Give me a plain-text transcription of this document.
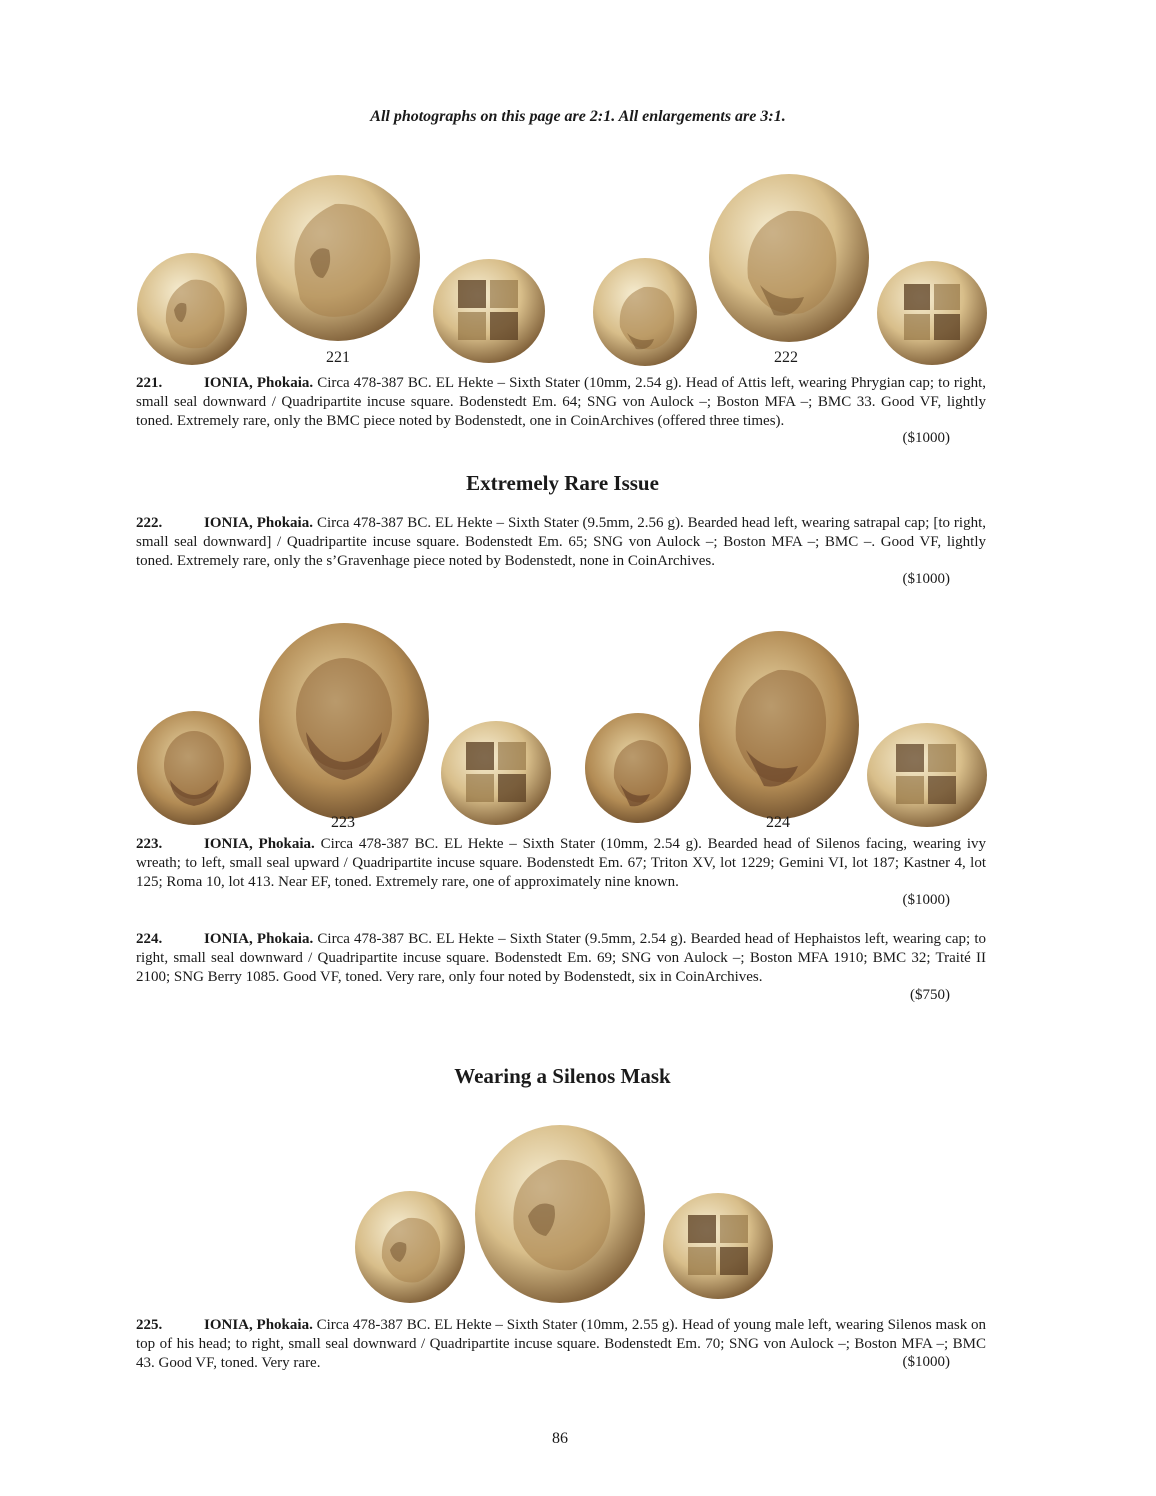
All photographs on this page are 2:1. All enlargements are 3:1.
221	222
221.	IONIA, Phokaia. Circa 478-387 BC. EL Hekte – Sixth Stater (10mm, 2.54 g). Head of Attis left, wearing Phrygian cap; to right, small seal downward / Quadripartite incuse square. Bodenstedt Em. 64; SNG von Aulock –; Boston MFA –; BMC 33. Good VF, lightly toned. Extremely rare, only the BMC piece noted by Bodenstedt, one in CoinArchives (offered three times).
($1000)
Extremely Rare Issue
222.	IONIA, Phokaia. Circa 478-387 BC. EL Hekte – Sixth Stater (9.5mm, 2.56 g). Bearded head left, wearing satrapal cap; [to right, small seal downward] / Quadripartite incuse square. Bodenstedt Em. 65; SNG von Aulock –; Boston MFA –; BMC –. Good VF, lightly toned. Extremely rare, only the s’Gravenhage piece noted by Bodenstedt, none in CoinArchives.
($1000)
223	224
223.	IONIA, Phokaia. Circa 478-387 BC. EL Hekte – Sixth Stater (10mm, 2.54 g). Bearded head of Silenos facing, wearing ivy wreath; to left, small seal upward / Quadripartite incuse square. Bodenstedt Em. 67; Triton XV, lot 1229; Gemini VI, lot 187; Kastner 4, lot 125; Roma 10, lot 413. Near EF, toned. Extremely rare, one of approximately nine known.
($1000)
224.	IONIA, Phokaia. Circa 478-387 BC. EL Hekte – Sixth Stater (9.5mm, 2.54 g). Bearded head of Hephaistos left, wearing cap; to right, small seal downward / Quadripartite incuse square. Bodenstedt Em. 69; SNG von Aulock –; Boston MFA 1910; BMC 32; Traité II 2100; SNG Berry 1085. Good VF, toned. Very rare, only four noted by Bodenstedt, six in CoinArchives.
($750)
Wearing a Silenos Mask
225.	IONIA, Phokaia. Circa 478-387 BC. EL Hekte – Sixth Stater (10mm, 2.55 g). Head of young male left, wearing Silenos mask on top of his head; to right, small seal downward / Quadripartite incuse square. Bodenstedt Em. 70; SNG von Aulock –; Boston MFA –; BMC 43. Good VF, toned. Very rare.	($1000)
86
